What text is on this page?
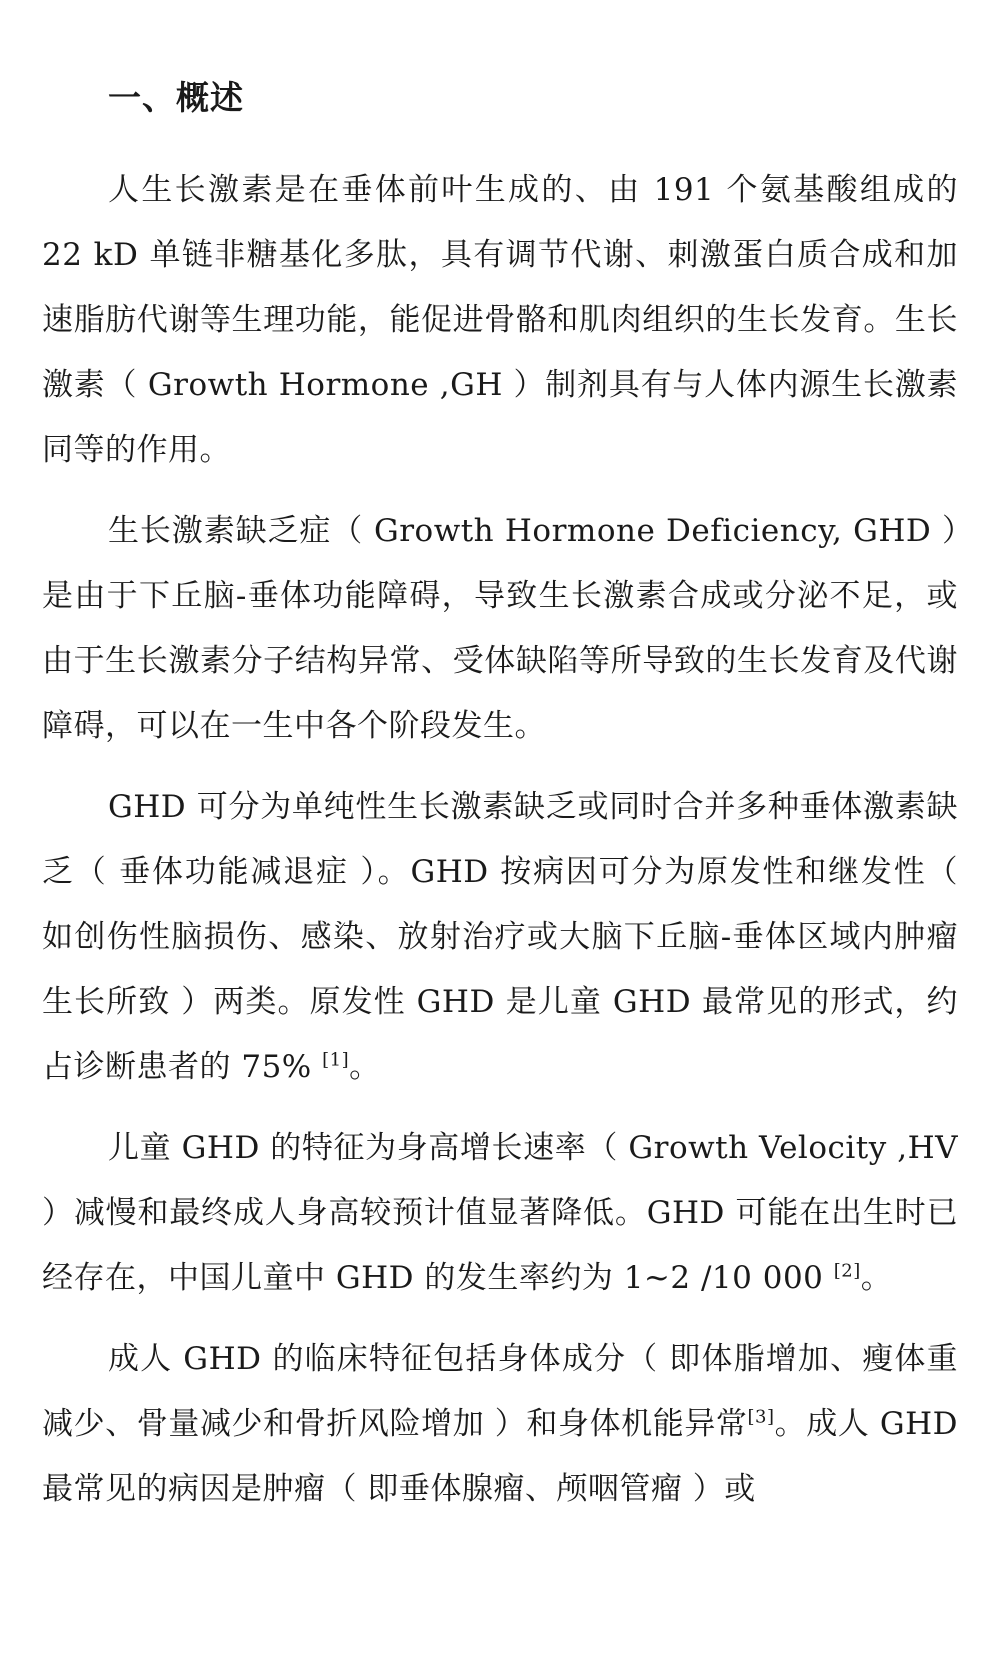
一、概述

人生长激素是在垂体前叶生成的、由 191 个氨基酸组成的 22 kD 单链非糖基化多肽，具有调节代谢、刺激蛋白质合成和加速脂肪代谢等生理功能，能促进骨骼和肌肉组织的生长发育。生长激素（ Growth Hormone ,GH ）制剂具有与人体内源生长激素同等的作用。

生长激素缺乏症（ Growth Hormone Deficiency, GHD ）是由于下丘脑-垂体功能障碍，导致生长激素合成或分泌不足，或由于生长激素分子结构异常、受体缺陷等所导致的生长发育及代谢障碍，可以在一生中各个阶段发生。

GHD 可分为单纯性生长激素缺乏或同时合并多种垂体激素缺乏（ 垂体功能减退症 ）。GHD 按病因可分为原发性和继发性（ 如创伤性脑损伤、感染、放射治疗或大脑下丘脑-垂体区域内肿瘤生长所致 ）两类。原发性 GHD 是儿童 GHD 最常见的形式，约占诊断患者的 75% [1]。

儿童 GHD 的特征为身高增长速率（ Growth Velocity ,HV ）减慢和最终成人身高较预计值显著降低。GHD 可能在出生时已经存在，中国儿童中 GHD 的发生率约为 1~2 /10 000 [2]。

成人 GHD 的临床特征包括身体成分（ 即体脂增加、瘦体重减少、骨量减少和骨折风险增加 ）和身体机能异常[3]。成人 GHD 最常见的病因是肿瘤（ 即垂体腺瘤、颅咽管瘤 ）或
